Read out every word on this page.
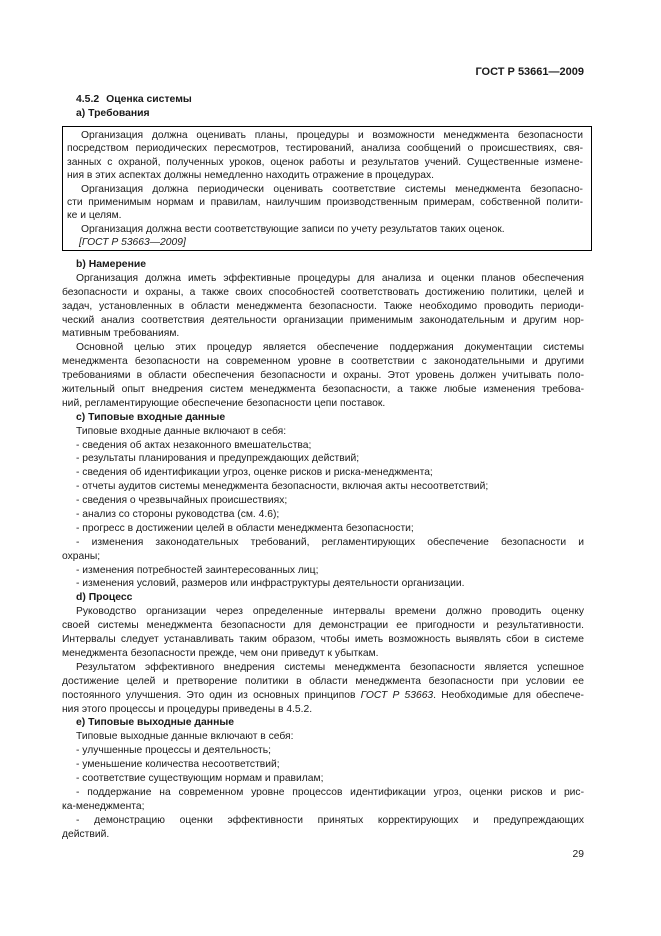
ГОСТ Р 53661—2009
4.5.2 Оценка системы
a) Требования
Организация должна оценивать планы, процедуры и возможности менеджмента безопасности
посредством периодических пересмотров, тестирований, анализа сообщений о происшествиях, свя-
занных с охраной, полученных уроков, оценок работы и результатов учений. Существенные измене-
ния в этих аспектах должны немедленно находить отражение в процедурах.
Организация должна периодически оценивать соответствие системы менеджмента безопасно-
сти применимым нормам и правилам, наилучшим производственным примерам, собственной полити-
ке и целям.
Организация должна вести соответствующие записи по учету результатов таких оценок.
[ГОСТ Р 53663—2009]
b) Намерение
Организация должна иметь эффективные процедуры для анализа и оценки планов обеспечения
безопасности и охраны, а также своих способностей соответствовать достижению политики, целей и
задач, установленных в области менеджмента безопасности. Также необходимо проводить периоди-
ческий анализ соответствия деятельности организации применимым законодательным и другим нор-
мативным требованиям.
Основной целью этих процедур является обеспечение поддержания документации системы
менеджмента безопасности на современном уровне в соответствии с законодательными и другими
требованиями в области обеспечения безопасности и охраны. Этот уровень должен учитывать поло-
жительный опыт внедрения систем менеджмента безопасности, а также любые изменения требова-
ний, регламентирующие обеспечение безопасности цепи поставок.
c) Типовые входные данные
Типовые входные данные включают в себя:
- сведения об актах незаконного вмешательства;
- результаты планирования и предупреждающих действий;
- сведения об идентификации угроз, оценке рисков и риска-менеджмента;
- отчеты аудитов системы менеджмента безопасности, включая акты несоответствий;
- сведения о чрезвычайных происшествиях;
- анализ со стороны руководства (см. 4.6);
- прогресс в достижении целей в области менеджмента безопасности;
- изменения законодательных требований, регламентирующих обеспечение безопасности и
охраны;
- изменения потребностей заинтересованных лиц;
- изменения условий, размеров или инфраструктуры деятельности организации.
d) Процесс
Руководство организации через определенные интервалы времени должно проводить оценку
своей системы менеджмента безопасности для демонстрации ее пригодности и результативности.
Интервалы следует устанавливать таким образом, чтобы иметь возможность выявлять сбои в системе
менеджмента безопасности прежде, чем они приведут к убыткам.
Результатом эффективного внедрения системы менеджмента безопасности является успешное
достижение целей и претворение политики в области менеджмента безопасности при условии ее
постоянного улучшения. Это один из основных принципов ГОСТ Р 53663. Необходимые для обеспече-
ния этого процессы и процедуры приведены в 4.5.2.
e) Типовые выходные данные
Типовые выходные данные включают в себя:
- улучшенные процессы и деятельность;
- уменьшение количества несоответствий;
- соответствие существующим нормам и правилам;
- поддержание на современном уровне процессов идентификации угроз, оценки рисков и рис-
ка-менеджмента;
- демонстрацию оценки эффективности принятых корректирующих и предупреждающих
действий.
29
